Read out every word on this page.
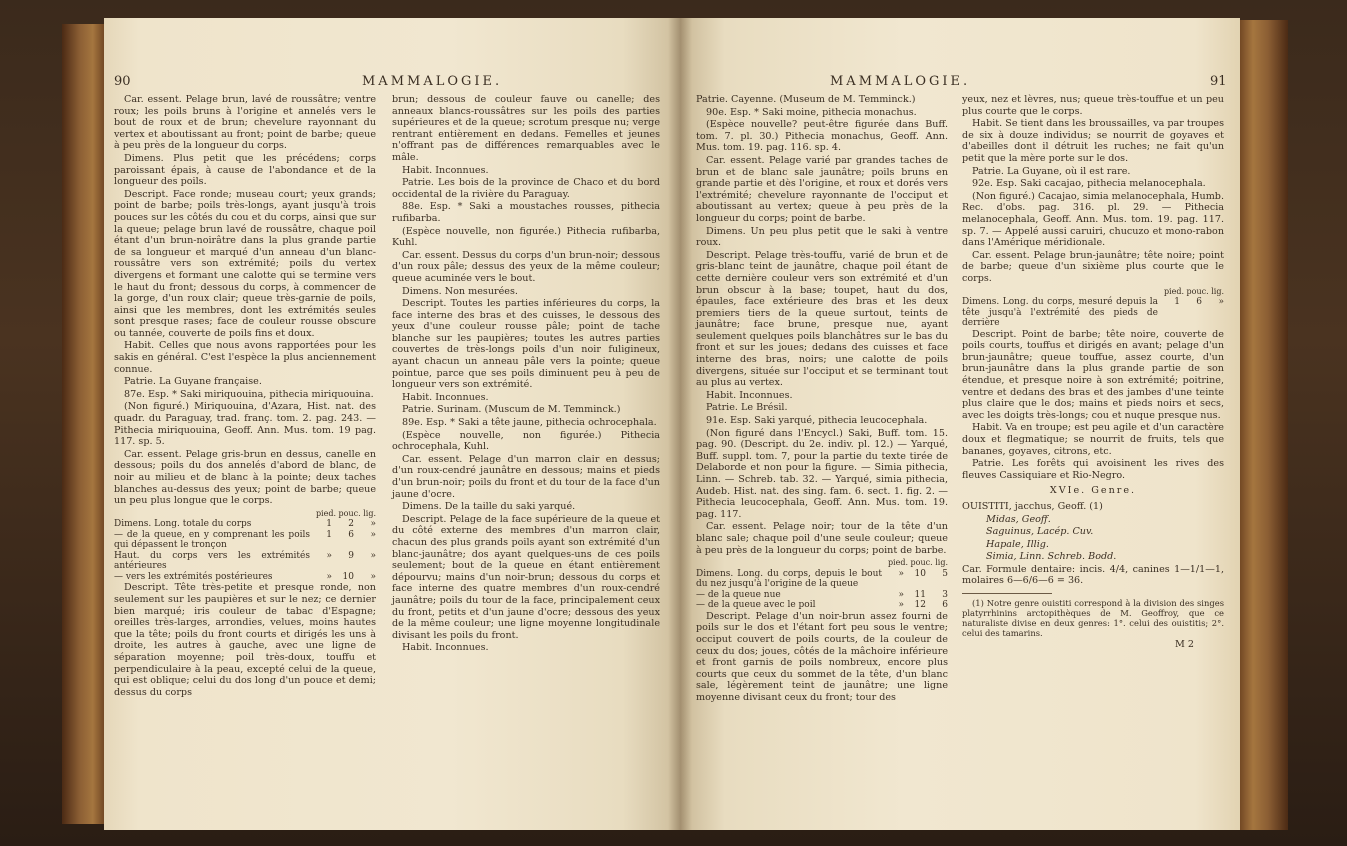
90	MAMMALOGIE.

Car. essent. Pelage brun, lavé de roussâtre; ventre roux; les poils bruns à l'origine et annelés vers le bout de roux et de brun; chevelure rayonnant du vertex et aboutissant au front; point de barbe; queue à peu près de la longueur du corps.

Dimens. Plus petit que les précédens; corps paroissant épais, à cause de l'abondance et de la longueur des poils.

Descript. Face ronde; museau court; yeux grands; point de barbe; poils très-longs, ayant jusqu'à trois pouces sur les côtés du cou et du corps, ainsi que sur la queue; pelage brun lavé de roussâtre, chaque poil étant d'un brun-noirâtre dans la plus grande partie de sa longueur et marqué d'un anneau d'un blanc-roussâtre vers son extrémité; poils du vertex divergens et formant une calotte qui se termine vers le haut du front; dessous du corps, à commencer de la gorge, d'un roux clair; queue très-garnie de poils, ainsi que les membres, dont les extrémités seules sont presque rases; face de couleur rousse obscure ou tannée, couverte de poils fins et doux.

Habit. Celles que nous avons rapportées pour les sakis en général. C'est l'espèce la plus anciennement connue.

Patrie. La Guyane française.

87e. Esp. * Saki miriquouina, pithecia miriquouina.

(Non figuré.) Miriquouina, d'Azara, Hist. nat. des quadr. du Paraguay, trad. franç. tom. 2. pag. 243. — Pithecia miriquouina, Geoff. Ann. Mus. tom. 19 pag. 117. sp. 5.

Car. essent. Pelage gris-brun en dessus, canelle en dessous; poils du dos annelés d'abord de blanc, de noir au milieu et de blanc à la pointe; deux taches blanches au-dessus des yeux; point de barbe; queue un peu plus longue que le corps.

pied. pouc. lig.
Dimens. Long. totale du corps	1	2	»
— de la queue, en y comprenant les poils qui dépassent le tronçon	1	6	»
Haut. du corps vers les extrémités antérieures	»	9	»
— vers les extrémités postérieures	»	10	»

Descript. Tête très-petite et presque ronde, non seulement sur les paupières et sur le nez; ce dernier bien marqué; iris couleur de tabac d'Espagne; oreilles très-larges, arrondies, velues, moins hautes que la tête; poils du front courts et dirigés les uns à droite, les autres à gauche, avec une ligne de séparation moyenne; poil très-doux, touffu et perpendiculaire à la peau, excepté celui de la queue, qui est oblique; celui du dos long d'un pouce et demi; dessus du corps

brun; dessous de couleur fauve ou canelle; des anneaux blancs-roussâtres sur les poils des parties supérieures et de la queue; scrotum presque nu; verge rentrant entièrement en dedans. Femelles et jeunes n'offrant pas de différences remarquables avec le mâle.

Habit. Inconnues.

Patrie. Les bois de la province de Chaco et du bord occidental de la rivière du Paraguay.

88e. Esp. * Saki a moustaches rousses, pithecia rufibarba.

(Espèce nouvelle, non figurée.) Pithecia rufibarba, Kuhl.

Car. essent. Dessus du corps d'un brun-noir; dessous d'un roux pâle; dessus des yeux de la même couleur; queue acuminée vers le bout.

Dimens. Non mesurées.

Descript. Toutes les parties inférieures du corps, la face interne des bras et des cuisses, le dessous des yeux d'une couleur rousse pâle; point de tache blanche sur les paupières; toutes les autres parties couvertes de très-longs poils d'un noir fuligineux, ayant chacun un anneau pâle vers la pointe; queue pointue, parce que ses poils diminuent peu à peu de longueur vers son extrémité.

Habit. Inconnues.

Patrie. Surinam. (Muscum de M. Temminck.)

89e. Esp. * Saki a tête jaune, pithecia ochrocephala.

(Espèce nouvelle, non figurée.) Pithecia ochrocephala, Kuhl.

Car. essent. Pelage d'un marron clair en dessus; d'un roux-cendré jaunâtre en dessous; mains et pieds d'un brun-noir; poils du front et du tour de la face d'un jaune d'ocre.

Dimens. De la taille du saki yarqué.

Descript. Pelage de la face supérieure de la queue et du côté externe des membres d'un marron clair, chacun des plus grands poils ayant son extrémité d'un blanc-jaunâtre; dos ayant quelques-uns de ces poils seulement; bout de la queue en étant entièrement dépourvu; mains d'un noir-brun; dessous du corps et face interne des quatre membres d'un roux-cendré jaunâtre; poils du tour de la face, principalement ceux du front, petits et d'un jaune d'ocre; dessous des yeux de la même couleur; une ligne moyenne longitudinale divisant les poils du front.

Habit. Inconnues.

MAMMALOGIE.	91

Patrie. Cayenne. (Museum de M. Temminck.)

90e. Esp. * Saki moine, pithecia monachus.

(Espèce nouvelle? peut-être figurée dans Buff. tom. 7. pl. 30.) Pithecia monachus, Geoff. Ann. Mus. tom. 19. pag. 116. sp. 4.

Car. essent. Pelage varié par grandes taches de brun et de blanc sale jaunâtre; poils bruns en grande partie et dès l'origine, et roux et dorés vers l'extrémité; chevelure rayonnante de l'occiput et aboutissant au vertex; queue à peu près de la longueur du corps; point de barbe.

Dimens. Un peu plus petit que le saki à ventre roux.

Descript. Pelage très-touffu, varié de brun et de gris-blanc teint de jaunâtre, chaque poil étant de cette dernière couleur vers son extrémité et d'un brun obscur à la base; toupet, haut du dos, épaules, face extérieure des bras et les deux premiers tiers de la queue surtout, teints de jaunâtre; face brune, presque nue, ayant seulement quelques poils blanchâtres sur le bas du front et sur les joues; dedans des cuisses et face interne des bras, noirs; une calotte de poils divergens, située sur l'occiput et se terminant tout au plus au vertex.

Habit. Inconnues.

Patrie. Le Brésil.

91e. Esp. Saki yarqué, pithecia leucocephala.

(Non figuré dans l'Encycl.) Saki, Buff. tom. 15. pag. 90. (Descript. du 2e. indiv. pl. 12.) — Yarqué, Buff. suppl. tom. 7, pour la partie du texte tirée de Delaborde et non pour la figure. — Simia pithecia, Linn. — Schreb. tab. 32. — Yarqué, simia pithecia, Audeb. Hist. nat. des sing. fam. 6. sect. 1. fig. 2. — Pithecia leucocephala, Geoff. Ann. Mus. tom. 19. pag. 117.

Car. essent. Pelage noir; tour de la tête d'un blanc sale; chaque poil d'une seule couleur; queue à peu près de la longueur du corps; point de barbe.

pied. pouc. lig.
Dimens. Long. du corps, depuis le bout du nez jusqu'à l'origine de la queue	»	10	5
— de la queue nue	»	11	3
— de la queue avec le poil	»	12	6

Descript. Pelage d'un noir-brun assez fourni de poils sur le dos et l'étant fort peu sous le ventre; occiput couvert de poils courts, de la couleur de ceux du dos; joues, côtés de la mâchoire inférieure et front garnis de poils nombreux, encore plus courts que ceux du sommet de la tête, d'un blanc sale, légèrement teint de jaunâtre; une ligne moyenne divisant ceux du front; tour des

yeux, nez et lèvres, nus; queue très-touffue et un peu plus courte que le corps.

Habit. Se tient dans les broussailles, va par troupes de six à douze individus; se nourrit de goyaves et d'abeilles dont il détruit les ruches; ne fait qu'un petit que la mère porte sur le dos.

Patrie. La Guyane, où il est rare.

92e. Esp. Saki cacajao, pithecia melanocephala.

(Non figuré.) Cacajao, simia melanocephala, Humb. Rec. d'obs. pag. 316. pl. 29. — Pithecia melanocephala, Geoff. Ann. Mus. tom. 19. pag. 117. sp. 7. — Appelé aussi caruiri, chucuzo et mono-rabon dans l'Amérique méridionale.

Car. essent. Pelage brun-jaunâtre; tête noire; point de barbe; queue d'un sixième plus courte que le corps.

pied. pouc. lig.
Dimens. Long. du corps, mesuré depuis la tête jusqu'à l'extrémité des pieds de derrière	1	6	»

Descript. Point de barbe; tête noire, couverte de poils courts, touffus et dirigés en avant; pelage d'un brun-jaunâtre; queue touffue, assez courte, d'un brun-jaunâtre dans la plus grande partie de son étendue, et presque noire à son extrémité; poitrine, ventre et dedans des bras et des jambes d'une teinte plus claire que le dos; mains et pieds noirs et secs, avec les doigts très-longs; cou et nuque presque nus.

Habit. Va en troupe; est peu agile et d'un caractère doux et flegmatique; se nourrit de fruits, tels que bananes, goyaves, citrons, etc.

Patrie. Les forêts qui avoisinent les rives des fleuves Cassiquiare et Rio-Negro.

XVIe. Genre.

OUISTITI, jacchus, Geoff. (1)

Midas, Geoff.

Saguinus, Lacép. Cuv.

Hapale, Illig.

Simia, Linn. Schreb. Bodd.

Car. Formule dentaire: incis. 4/4, canines 1—1/1—1, molaires 6—6/6—6 = 36.

(1) Notre genre ouistiti correspond à la division des singes platyrrhinins arctopithèques de M. Geoffroy, que ce naturaliste divise en deux genres: 1°. celui des ouistitis; 2°. celui des tamarins.

M 2
